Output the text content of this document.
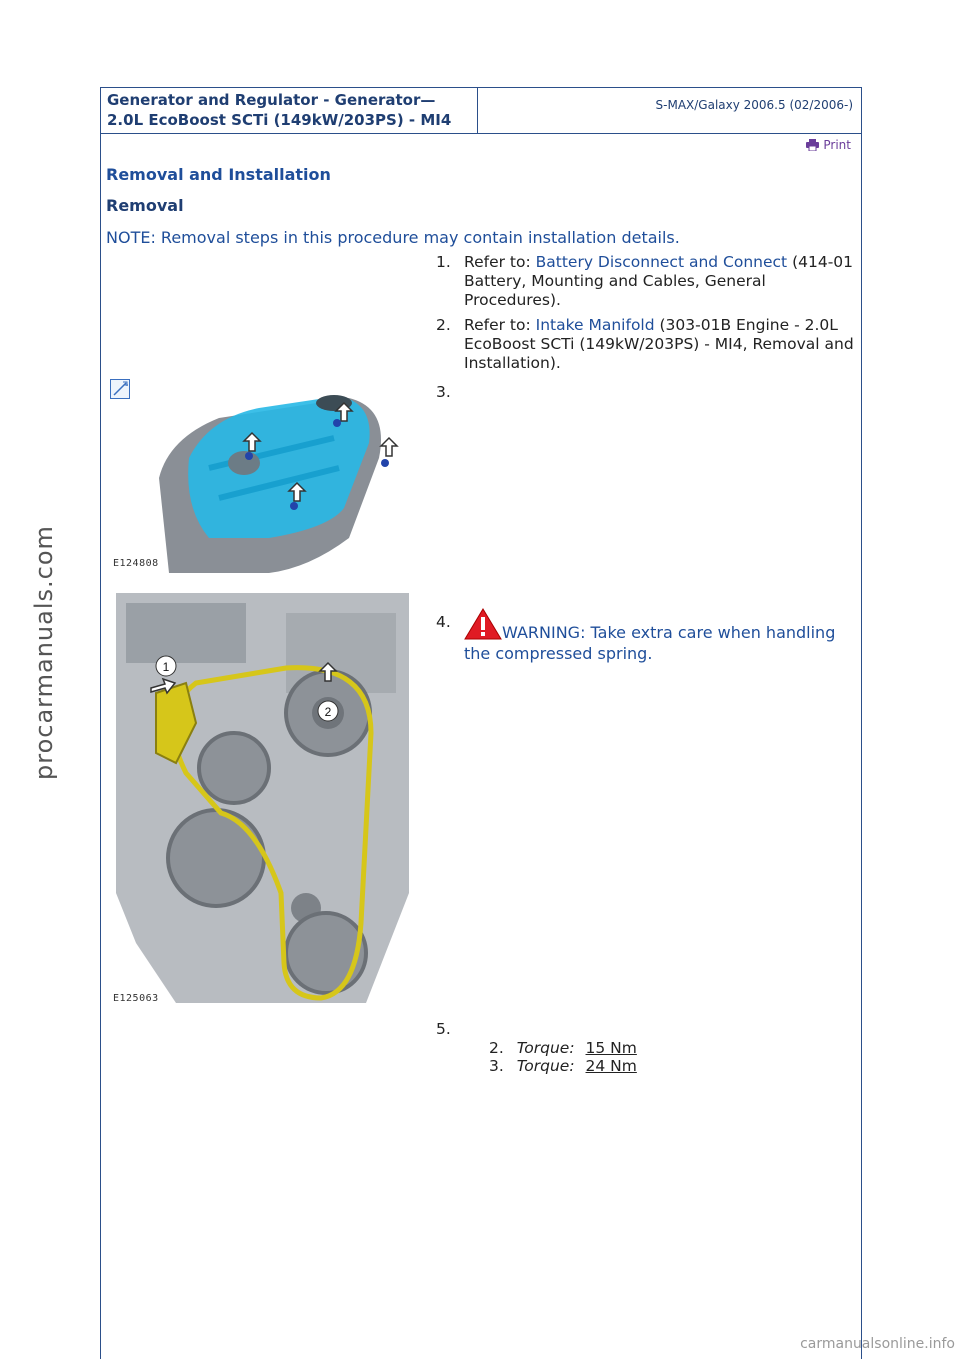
Generator and Regulator - Generator—
2.0L EcoBoost SCTi (149kW/203PS) - MI4
S-MAX/Galaxy 2006.5 (02/2006-)
Print
Removal and Installation
Removal
NOTE: Removal steps in this procedure may contain installation details.
1. Refer to: Battery Disconnect and Connect (414-01 Battery, Mounting and Cables, General Procedures).
2. Refer to: Intake Manifold (303-01B Engine - 2.0L EcoBoost SCTi (149kW/203PS) - MI4, Removal and Installation).
3.
E124808
1
2
E125063
4.
WARNING: Take extra care when handling the compressed spring.
5.
2. Torque: 15 Nm
3. Torque: 24 Nm
procarmanuals.com
carmanualsonline.info
